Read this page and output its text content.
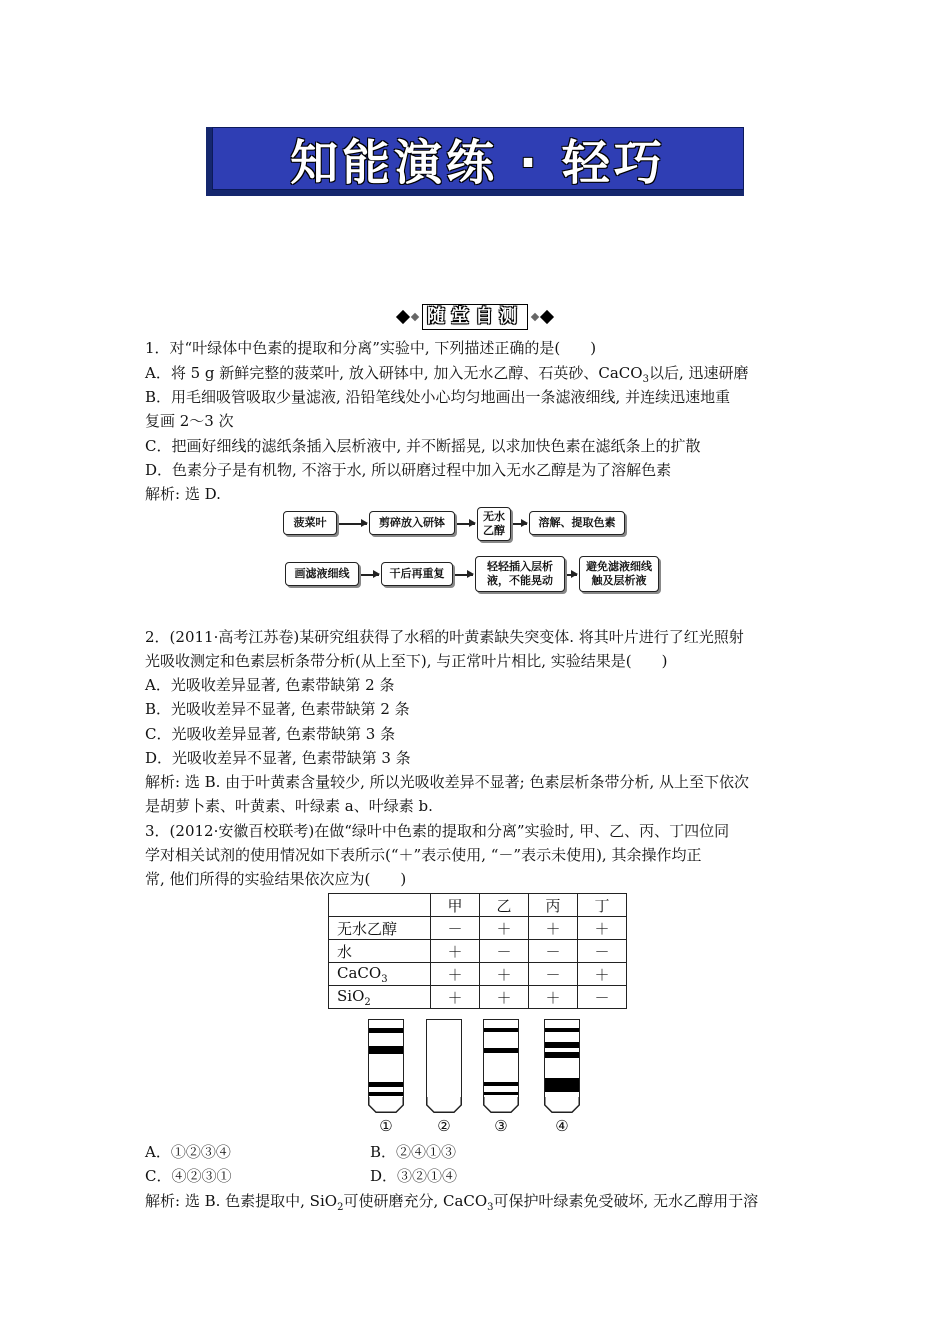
知能演练 · 轻巧
随堂自测
1．对“叶绿体中色素的提取和分离”实验中, 下列描述正确的是(　　)
A．将 5 g 新鲜完整的菠菜叶, 放入研钵中, 加入无水乙醇、石英砂、CaCO$_3$以后, 迅速研磨
B．用毛细吸管吸取少量滤液, 沿铅笔线处小心均匀地画出一条滤液细线, 并连续迅速地重
复画 2～3 次
C．把画好细线的滤纸条插入层析液中, 并不断摇晃, 以求加快色素在滤纸条上的扩散
D．色素分子是有机物, 不溶于水, 所以研磨过程中加入无水乙醇是为了溶解色素
解析: 选 D.
菠菜叶	剪碎放入研钵	无水
乙醇
溶解、提取色素
画滤液细线	干后再重复
轻轻插入层析
液，不能晃动
避免滤液细线
触及层析液
2．(2011·高考江苏卷)某研究组获得了水稻的叶黄素缺失突变体. 将其叶片进行了红光照射
光吸收测定和色素层析条带分析(从上至下), 与正常叶片相比, 实验结果是(　　)
A．光吸收差异显著, 色素带缺第 2 条
B．光吸收差异不显著, 色素带缺第 2 条
C．光吸收差异显著, 色素带缺第 3 条
D．光吸收差异不显著, 色素带缺第 3 条
解析: 选 B. 由于叶黄素含量较少, 所以光吸收差异不显著; 色素层析条带分析, 从上至下依次
是胡萝卜素、叶黄素、叶绿素 a、叶绿素 b.
3．(2012·安徽百校联考)在做“绿叶中色素的提取和分离”实验时, 甲、乙、丙、丁四位同
学对相关试剂的使用情况如下表所示(“＋”表示使用, “－”表示未使用), 其余操作均正
常, 他们所得的实验结果依次应为(　　)
	甲	乙	丙	丁
无水乙醇	－	＋	＋	＋
水	＋	－	－	－
CaCO$_3$	＋	＋	－	＋
SiO$_2$	＋	＋	＋	－
①	②	③	④
A．①②③④	B．②④①③
C．④②③①	D．③②①④
解析: 选 B. 色素提取中, SiO$_2$可使研磨充分, CaCO$_3$可保护叶绿素免受破坏, 无水乙醇用于溶
